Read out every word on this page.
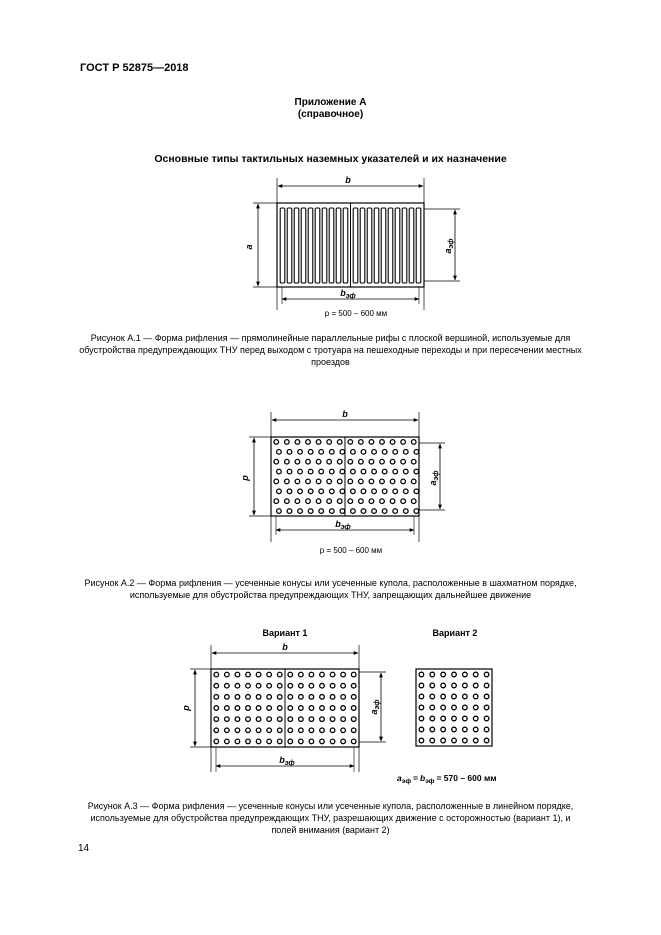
ГОСТ Р 52875—2018
Приложение А
(справочное)
Основные типы тактильных наземных указателей и их назначение
b
a
$a_{эф}$
$b_{эф}$
p = 500 – 600 мм
b
p
$a_{эф}$
$b_{эф}$
p = 500 – 600 мм
Вариант 1	Вариант 2
b
p
$a_{эф}$
$b_{эф}$
$a_{эф} = b_{эф} = 570 - 600$ мм
Рисунок А.1 — Форма рифления — прямолинейные параллельные рифы с плоской вершиной, используемые для обустройства предупреждающих ТНУ перед выходом с тротуара на пешеходные переходы и при пересечении местных проездов
Рисунок А.2 — Форма рифления — усеченные конусы или усеченные купола, расположенные в шахматном порядке, используемые для обустройства предупреждающих ТНУ, запрещающих дальнейшее движение
Рисунок А.3 — Форма рифления — усеченные конусы или усеченные купола, расположенные в линейном порядке, используемые для обустройства предупреждающих ТНУ, разрешающих движение с осторожностью (вариант 1), и полей внимания (вариант 2)
14
